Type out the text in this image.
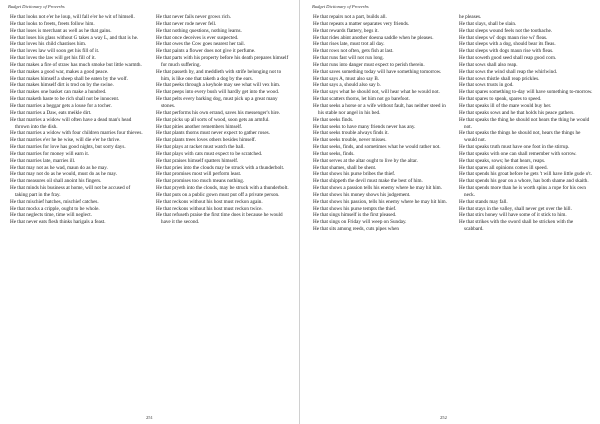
Budget Dictionary of Proverbs
He that looks not e'er he loup, will fall e'er he wit of himsell.
He that looks to freets, freets follow him.
He that loses is merchant as well as he that gains.
He that loses his glass without G takes a way L, and that is he.
He that loves his child chastises him.
He that loves law will soon get his fill of it.
He that loves the law will get his fill of it.
He that makes a fire of straw has much smoke but little warmth.
He that makes a good war, makes a good peace.
He that makes himself a sheep shall be eaten by the wolf.
He that makes himself dirt is trod on by the swine.
He that makes one basket can make a hundred.
He that maketh haste to be rich shall not be innocent.
He that marries a beggar gets a louse for a tocher.
He that marries a Daw, eats meikle dirt.
He that marries a widow will often have a dead man's head thrown into the dish.
He that marries a widow with four children marries four thieves.
He that marries e'er he be wise, will die e'er he thrive.
He that marries for love has good nights, but sorry days.
He that marries for money will earn it.
He that marries late, marries ill.
He that may not as he wad, maun do as he may.
He that may not do as he would, must do as he may.
He that measures oil shall anoint his fingers.
He that minds his business at home, will not be accused of taking part in the fray.
He that mischief hatches, mischief catches.
He that mocks a cripple, ought to be whole.
He that neglects time, time will neglect.
He that never eats flesh thinks harigals a feast.
He that never fails never grows rich.
He that never rode never fell.
He that nothing questions, nothing learns.
He that once deceives is ever suspected.
He that owes the Cow goes nearest her tail.
He that paints a flower does not give it perfume.
He that parts with his property before his death prepares himself for much suffering.
He that passeth by, and meddleth with strife belonging not to him, is like one that taketh a dog by the ears.
He that peeks through a keyhole may see what will vex him.
He that peeps into every bush will hardly get into the wood.
He that pelts every barking dog, must pick up a great many stones.
He that performs his own errand, saves his messenger's hire.
He that picks up all sorts of wood, soon gets an armful.
He that pities another remembers himself.
He that plants thorns must never expect to gather roses.
He that plants trees loves others besides himself.
He that plays at racket must watch the ball.
He that plays with cats must expect to be scratched.
He that praises himself spatters himself.
He that pries into the clouds may be struck with a thunderbolt.
He that promises most will perform least.
He that promises too much means nothing.
He that pryeth into the clouds, may be struck with a thunderbolt.
He that puts on a public gown must put off a private person.
He that reckons without his host must reckon again.
He that reckons without his host must reckon twice.
He that refuseth praise the first time does it because he would have it the second.
251
Budget Dictionary of Proverbs
He that repairs not a part, builds all.
He that repeats a matter separates very friends.
He that rewards flattery, begs it.
He that rides abint another doesna saddle when he pleases.
He that rises late, must trot all day.
He that rows not often, gets fish at last.
He that runs fast will not run long.
He that runs into danger must expect to perish therein.
He that saves something today will have something tomorrow.
He that says A, must also say B.
He that says a, should also say b.
He that says what he should not, will hear what he would not.
He that scatters thorns, let him not go barefoot.
He that seeks a horse or a wife without fault, has neither steed in his stable nor angel in his bed.
He that seeks finds.
He that seeks to have many friends never has any.
He that seeks trouble always finds it.
He that seeks trouble, never misses.
He that seeks, finds, and sometimes what he would rather not.
He that seeks, finds.
He that serves at the altar ought to live by the altar.
He that shames, shall be shent.
He that shows his purse bribes the thief.
He that shippeth the devil must make the best of him.
He that shows a passion tells his enemy where he may hit him.
He that shows his money shows his judgement.
He that shows his passion, tells his enemy where he may hit him.
He that shows his purse tempts the thief.
He that sings himself is the first pleased.
He that sings on Friday will weep on Sunday.
He that sits among reeds, cuts pipes when
he pleases.
He that slays, shall be slain.
He that sleeps wound feels not the toothache.
He that sleeps wi' dogs maun rise wi' fleas.
He that sleeps with a dog, should bear its fleas.
He that sleeps with dogs maun rise with fleas.
He that soweth good seed shall reap good corn.
He that sows shall also reap.
He that sows the wind shall reap the whirlwind.
He that sows thistle shall reap prickles.
He that sows trusts in god.
He that spares something to-day will have something to-morrow.
He that spares to speak, spares to speed.
He that speaks ill of the mare would buy her.
He that speaks sows and he that holds his peace gathers.
He that speaks the thing he should not hears the thing he would not.
He that speaks the things he should not, hears the things he would not.
He that speaks truth must have one foot in the stirrup.
He that speaks with one can shall remember with sorrow.
He that speaks, sows; he that hears, reaps.
He that spares all opinions comes ill speed.
He that spends his groat before he gets 't will have little gude o't.
He that spends his gear on a whore, has both shame and skaith.
He that spends more than he is worth spins a rope for his own neck.
He that stands may fall.
He that stays in the valley, shall never get over the hill.
He that stirs honey will have some of it stick to him.
He that strikes with the sword shall be stricken with the scabbard.
252
